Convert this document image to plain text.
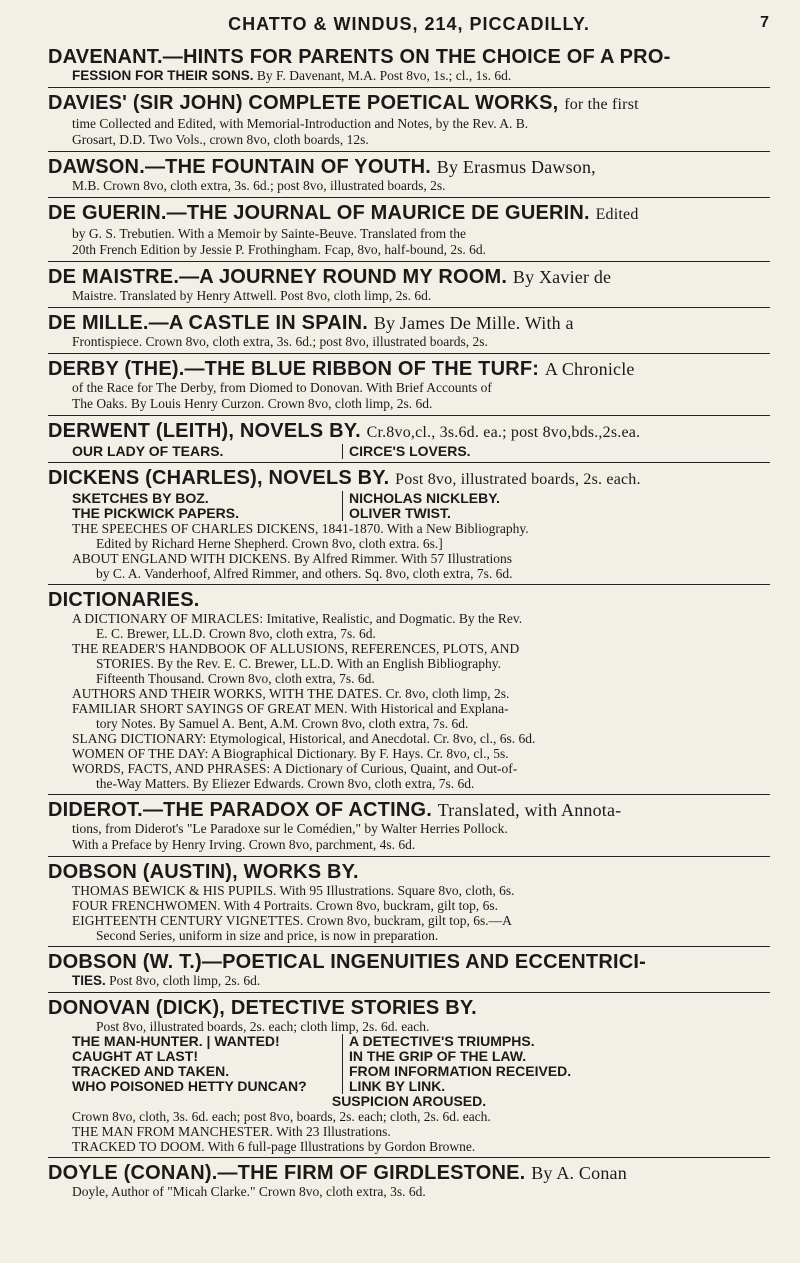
CHATTO & WINDUS, 214, PICCADILLY.	7
DAVENANT.—HINTS FOR PARENTS ON THE CHOICE OF A PRO-
FESSION FOR THEIR SONS. By F. Davenant, M.A. Post 8vo, 1s.; cl., 1s. 6d.
DAVIES' (SIR JOHN) COMPLETE POETICAL WORKS, for the first
time Collected and Edited, with Memorial-Introduction and Notes, by the Rev. A. B.
Grosart, D.D. Two Vols., crown 8vo, cloth boards, 12s.
DAWSON.—THE FOUNTAIN OF YOUTH. By Erasmus Dawson,
M.B. Crown 8vo, cloth extra, 3s. 6d.; post 8vo, illustrated boards, 2s.
DE GUERIN.—THE JOURNAL OF MAURICE DE GUERIN. Edited
by G. S. Trebutien. With a Memoir by Sainte-Beuve. Translated from the
20th French Edition by Jessie P. Frothingham. Fcap, 8vo, half-bound, 2s. 6d.
DE MAISTRE.—A JOURNEY ROUND MY ROOM. By Xavier de
Maistre. Translated by Henry Attwell. Post 8vo, cloth limp, 2s. 6d.
DE MILLE.—A CASTLE IN SPAIN. By James De Mille. With a
Frontispiece. Crown 8vo, cloth extra, 3s. 6d.; post 8vo, illustrated boards, 2s.
DERBY (THE).—THE BLUE RIBBON OF THE TURF: A Chronicle
of the Race for The Derby, from Diomed to Donovan. With Brief Accounts of
The Oaks. By Louis Henry Curzon. Crown 8vo, cloth limp, 2s. 6d.
DERWENT (LEITH), NOVELS BY. Cr.8vo,cl., 3s.6d. ea.; post 8vo,bds.,2s.ea.
OUR LADY OF TEARS.	CIRCE'S LOVERS.
DICKENS (CHARLES), NOVELS BY. Post 8vo, illustrated boards, 2s. each.
SKETCHES BY BOZ.
THE PICKWICK PAPERS.
NICHOLAS NICKLEBY.
OLIVER TWIST.
THE SPEECHES OF CHARLES DICKENS, 1841-1870. With a New Bibliography.
Edited by Richard Herne Shepherd. Crown 8vo, cloth extra. 6s.]
ABOUT ENGLAND WITH DICKENS. By Alfred Rimmer. With 57 Illustrations
by C. A. Vanderhoof, Alfred Rimmer, and others. Sq. 8vo, cloth extra, 7s. 6d.
DICTIONARIES.
A DICTIONARY OF MIRACLES: Imitative, Realistic, and Dogmatic. By the Rev.
E. C. Brewer, LL.D. Crown 8vo, cloth extra, 7s. 6d.
THE READER'S HANDBOOK OF ALLUSIONS, REFERENCES, PLOTS, AND
STORIES. By the Rev. E. C. Brewer, LL.D. With an English Bibliography.
Fifteenth Thousand. Crown 8vo, cloth extra, 7s. 6d.
AUTHORS AND THEIR WORKS, WITH THE DATES. Cr. 8vo, cloth limp, 2s.
FAMILIAR SHORT SAYINGS OF GREAT MEN. With Historical and Explana-
tory Notes. By Samuel A. Bent, A.M. Crown 8vo, cloth extra, 7s. 6d.
SLANG DICTIONARY: Etymological, Historical, and Anecdotal. Cr. 8vo, cl., 6s. 6d.
WOMEN OF THE DAY: A Biographical Dictionary. By F. Hays. Cr. 8vo, cl., 5s.
WORDS, FACTS, AND PHRASES: A Dictionary of Curious, Quaint, and Out-of-
the-Way Matters. By Eliezer Edwards. Crown 8vo, cloth extra, 7s. 6d.
DIDEROT.—THE PARADOX OF ACTING. Translated, with Annota-
tions, from Diderot's "Le Paradoxe sur le Comédien," by Walter Herries Pollock.
With a Preface by Henry Irving. Crown 8vo, parchment, 4s. 6d.
DOBSON (AUSTIN), WORKS BY.
THOMAS BEWICK & HIS PUPILS. With 95 Illustrations. Square 8vo, cloth, 6s.
FOUR FRENCHWOMEN. With 4 Portraits. Crown 8vo, buckram, gilt top, 6s.
EIGHTEENTH CENTURY VIGNETTES. Crown 8vo, buckram, gilt top, 6s.—A
Second Series, uniform in size and price, is now in preparation.
DOBSON (W. T.)—POETICAL INGENUITIES AND ECCENTRICI-
TIES. Post 8vo, cloth limp, 2s. 6d.
DONOVAN (DICK), DETECTIVE STORIES BY.
Post 8vo, illustrated boards, 2s. each; cloth limp, 2s. 6d. each.
THE MAN-HUNTER. | WANTED!
CAUGHT AT LAST!
TRACKED AND TAKEN.
WHO POISONED HETTY DUNCAN?
A DETECTIVE'S TRIUMPHS.
IN THE GRIP OF THE LAW.
FROM INFORMATION RECEIVED.
LINK BY LINK.
SUSPICION AROUSED.
Crown 8vo, cloth, 3s. 6d. each; post 8vo, boards, 2s. each; cloth, 2s. 6d. each.
THE MAN FROM MANCHESTER. With 23 Illustrations.
TRACKED TO DOOM. With 6 full-page Illustrations by Gordon Browne.
DOYLE (CONAN).—THE FIRM OF GIRDLESTONE. By A. Conan
Doyle, Author of "Micah Clarke." Crown 8vo, cloth extra, 3s. 6d.
